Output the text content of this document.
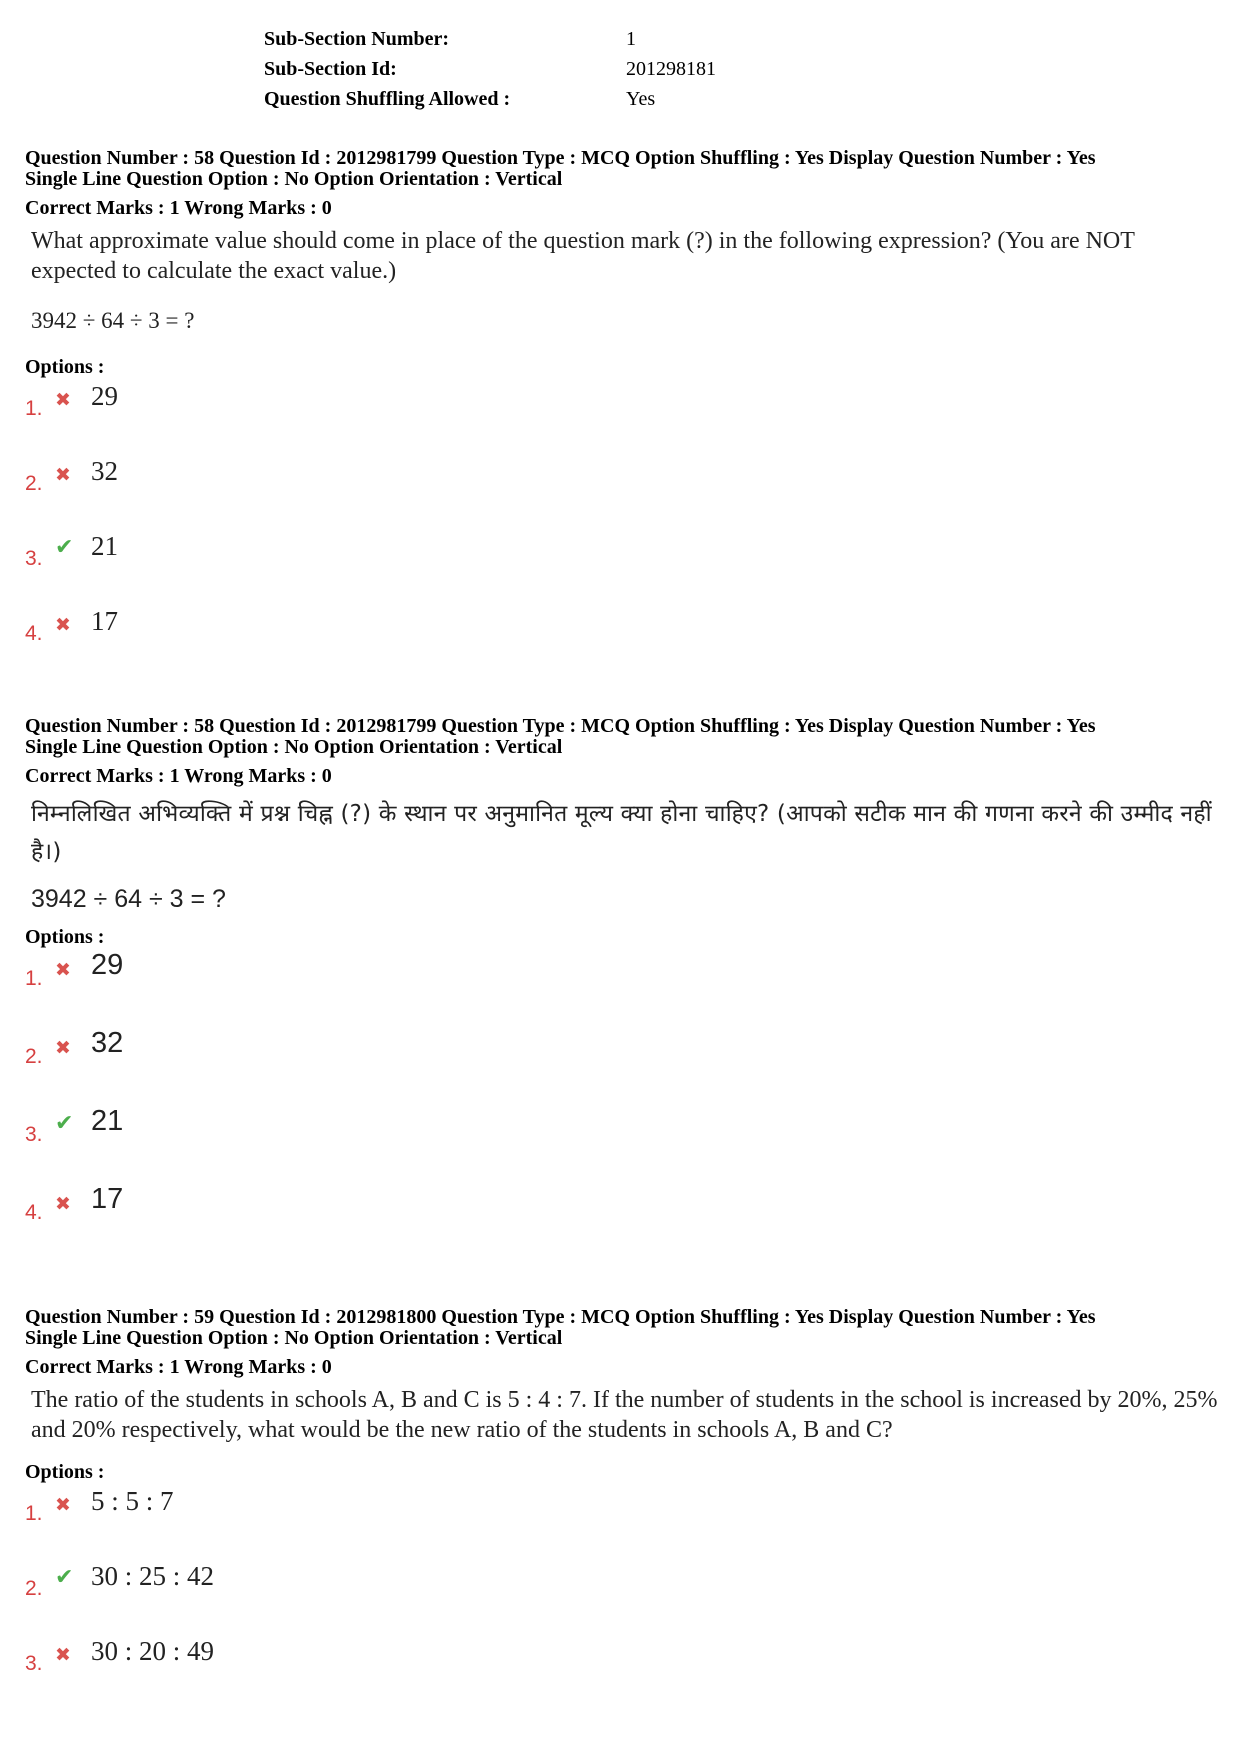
Sub-Section Number:	1
Sub-Section Id:	201298181
Question Shuffling Allowed :	Yes
Question Number : 58 Question Id : 2012981799 Question Type : MCQ Option Shuffling : Yes Display Question Number : Yes
Single Line Question Option : No Option Orientation : Vertical
Correct Marks : 1 Wrong Marks : 0
What approximate value should come in place of the question mark (?) in the following expression? (You are NOT expected to calculate the exact value.)
3942 ÷ 64 ÷ 3 = ?
Options :
1. ✖ 29
2. ✖ 32
3. ✔ 21
4. ✖ 17
Question Number : 58 Question Id : 2012981799 Question Type : MCQ Option Shuffling : Yes Display Question Number : Yes
Single Line Question Option : No Option Orientation : Vertical
Correct Marks : 1 Wrong Marks : 0
निम्नलिखित अभिव्यक्ति में प्रश्न चिह्न (?) के स्थान पर अनुमानित मूल्य क्या होना चाहिए? (आपको सटीक मान की गणना करने की उम्मीद नहीं है।)
3942 ÷ 64 ÷ 3 = ?
Options :
1. ✖ 29
2. ✖ 32
3. ✔ 21
4. ✖ 17
Question Number : 59 Question Id : 2012981800 Question Type : MCQ Option Shuffling : Yes Display Question Number : Yes
Single Line Question Option : No Option Orientation : Vertical
Correct Marks : 1 Wrong Marks : 0
The ratio of the students in schools A, B and C is 5 : 4 : 7. If the number of students in the school is increased by 20%, 25% and 20% respectively, what would be the new ratio of the students in schools A, B and C?
Options :
1. ✖ 5 : 5 : 7
2. ✔ 30 : 25 : 42
3. ✖ 30 : 20 : 49
